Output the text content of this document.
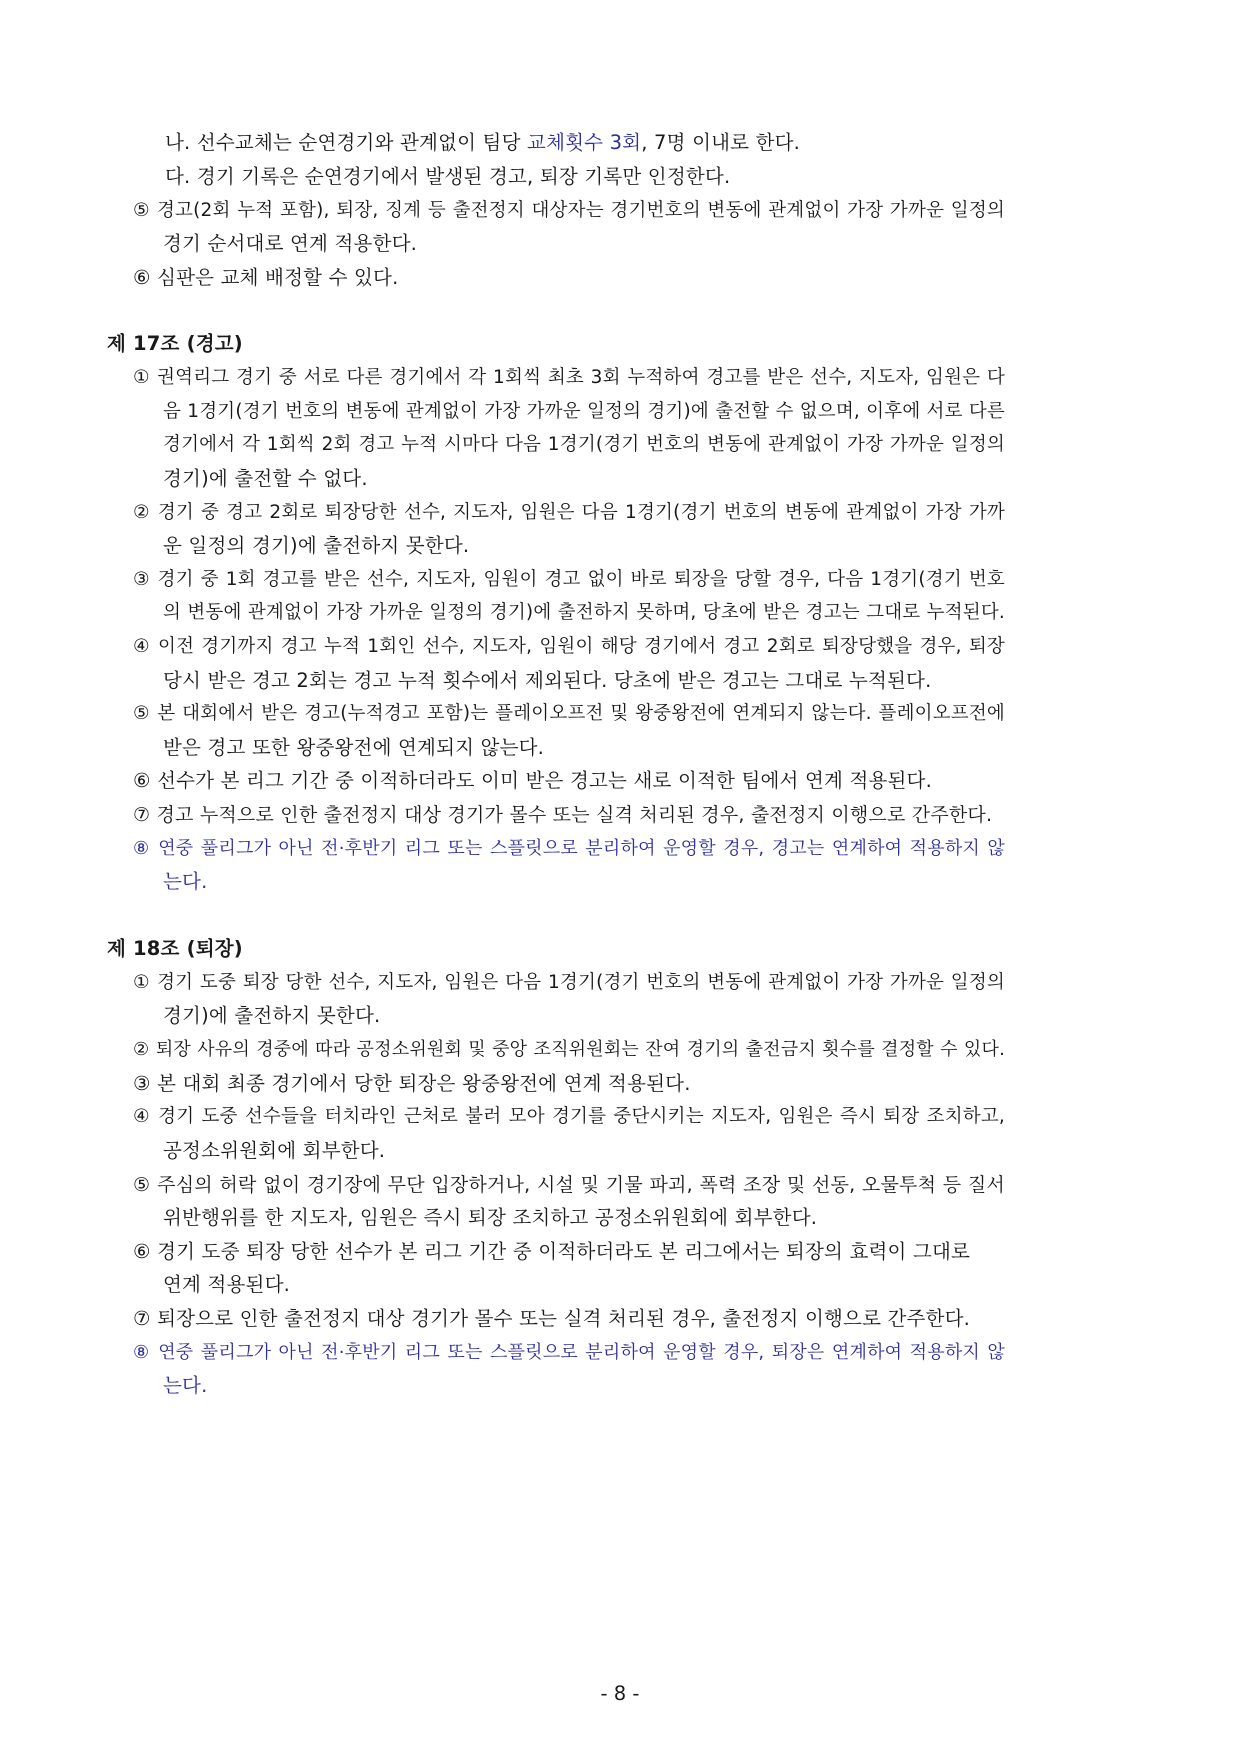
나. 선수교체는 순연경기와 관계없이 팀당 교체횟수 3회, 7명 이내로 한다.
다. 경기 기록은 순연경기에서 발생된 경고, 퇴장 기록만 인정한다.
⑤ 경고(2회 누적 포함), 퇴장, 징계 등 출전정지 대상자는 경기번호의 변동에 관계없이 가장 가까운 일정의
경기 순서대로 연계 적용한다.
⑥ 심판은 교체 배정할 수 있다.
제 17조 (경고)
① 권역리그 경기 중 서로 다른 경기에서 각 1회씩 최초 3회 누적하여 경고를 받은 선수, 지도자, 임원은 다
음 1경기(경기 번호의 변동에 관계없이 가장 가까운 일정의 경기)에 출전할 수 없으며, 이후에 서로 다른
경기에서 각 1회씩 2회 경고 누적 시마다 다음 1경기(경기 번호의 변동에 관계없이 가장 가까운 일정의
경기)에 출전할 수 없다.
② 경기 중 경고 2회로 퇴장당한 선수, 지도자, 임원은 다음 1경기(경기 번호의 변동에 관계없이 가장 가까
운 일정의 경기)에 출전하지 못한다.
③ 경기 중 1회 경고를 받은 선수, 지도자, 임원이 경고 없이 바로 퇴장을 당할 경우, 다음 1경기(경기 번호
의 변동에 관계없이 가장 가까운 일정의 경기)에 출전하지 못하며, 당초에 받은 경고는 그대로 누적된다.
④ 이전 경기까지 경고 누적 1회인 선수, 지도자, 임원이 해당 경기에서 경고 2회로 퇴장당했을 경우, 퇴장
당시 받은 경고 2회는 경고 누적 횟수에서 제외된다. 당초에 받은 경고는 그대로 누적된다.
⑤ 본 대회에서 받은 경고(누적경고 포함)는 플레이오프전 및 왕중왕전에 연계되지 않는다. 플레이오프전에
받은 경고 또한 왕중왕전에 연계되지 않는다.
⑥ 선수가 본 리그 기간 중 이적하더라도 이미 받은 경고는 새로 이적한 팀에서 연계 적용된다.
⑦ 경고 누적으로 인한 출전정지 대상 경기가 몰수 또는 실격 처리된 경우, 출전정지 이행으로 간주한다.
⑧ 연중 풀리그가 아닌 전·후반기 리그 또는 스플릿으로 분리하여 운영할 경우, 경고는 연계하여 적용하지 않
는다.
제 18조 (퇴장)
① 경기 도중 퇴장 당한 선수, 지도자, 임원은 다음 1경기(경기 번호의 변동에 관계없이 가장 가까운 일정의
경기)에 출전하지 못한다.
② 퇴장 사유의 경중에 따라 공정소위원회 및 중앙 조직위원회는 잔여 경기의 출전금지 횟수를 결정할 수 있다.
③ 본 대회 최종 경기에서 당한 퇴장은 왕중왕전에 연계 적용된다.
④ 경기 도중 선수들을 터치라인 근처로 불러 모아 경기를 중단시키는 지도자, 임원은 즉시 퇴장 조치하고,
공정소위원회에 회부한다.
⑤ 주심의 허락 없이 경기장에 무단 입장하거나, 시설 및 기물 파괴, 폭력 조장 및 선동, 오물투척 등 질서
위반행위를 한 지도자, 임원은 즉시 퇴장 조치하고 공정소위원회에 회부한다.
⑥ 경기 도중 퇴장 당한 선수가 본 리그 기간 중 이적하더라도 본 리그에서는 퇴장의 효력이 그대로
연계 적용된다.
⑦ 퇴장으로 인한 출전정지 대상 경기가 몰수 또는 실격 처리된 경우, 출전정지 이행으로 간주한다.
⑧ 연중 풀리그가 아닌 전·후반기 리그 또는 스플릿으로 분리하여 운영할 경우, 퇴장은 연계하여 적용하지 않
는다.
- 8 -
